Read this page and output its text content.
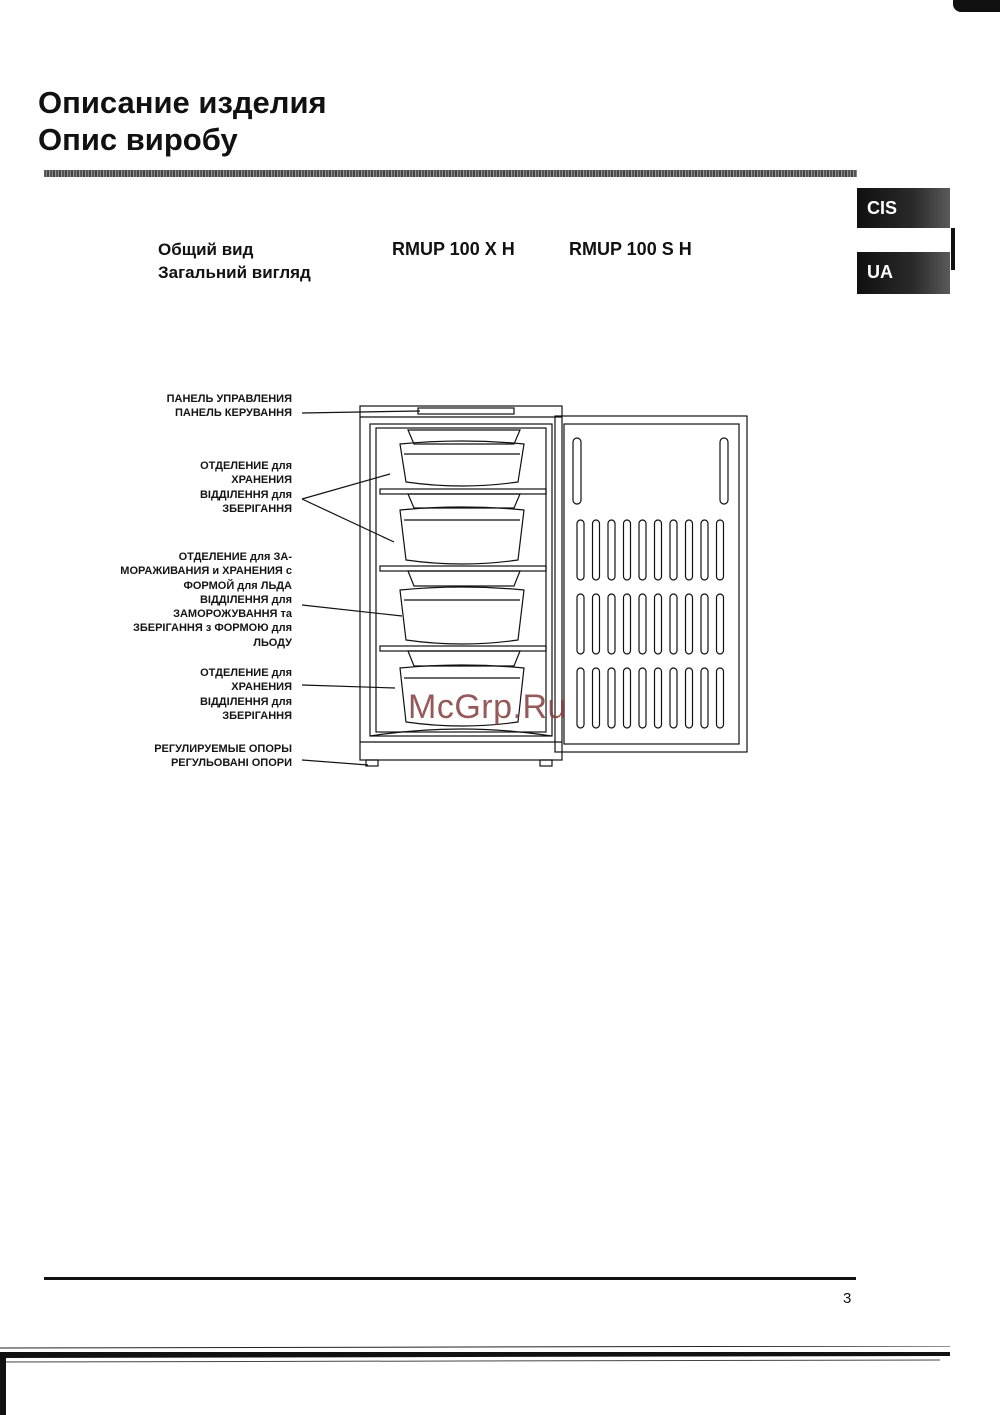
Описание изделия
Опис виробу
CIS
UA
Общий вид
Загальний вигляд
RMUP 100 X H	RMUP 100 S H
ПАНЕЛЬ УПРАВЛЕНИЯ
ПАНЕЛЬ КЕРУВАННЯ
ОТДЕЛЕНИЕ для
ХРАНЕНИЯ
ВІДДІЛЕННЯ для
ЗБЕРІГАННЯ
ОТДЕЛЕНИЕ для ЗА-
МОРАЖИВАНИЯ и ХРАНЕНИЯ с
ФОРМОЙ для ЛЬДА
ВІДДІЛЕННЯ для
ЗАМОРОЖУВАННЯ та
ЗБЕРІГАННЯ з ФОРМОЮ для
ЛЬОДУ
ОТДЕЛЕНИЕ для
ХРАНЕНИЯ
ВІДДІЛЕННЯ для
ЗБЕРІГАННЯ
РЕГУЛИРУЕМЫЕ ОПОРЫ
РЕГУЛЬОВАНІ ОПОРИ
McGrp.Ru
3
